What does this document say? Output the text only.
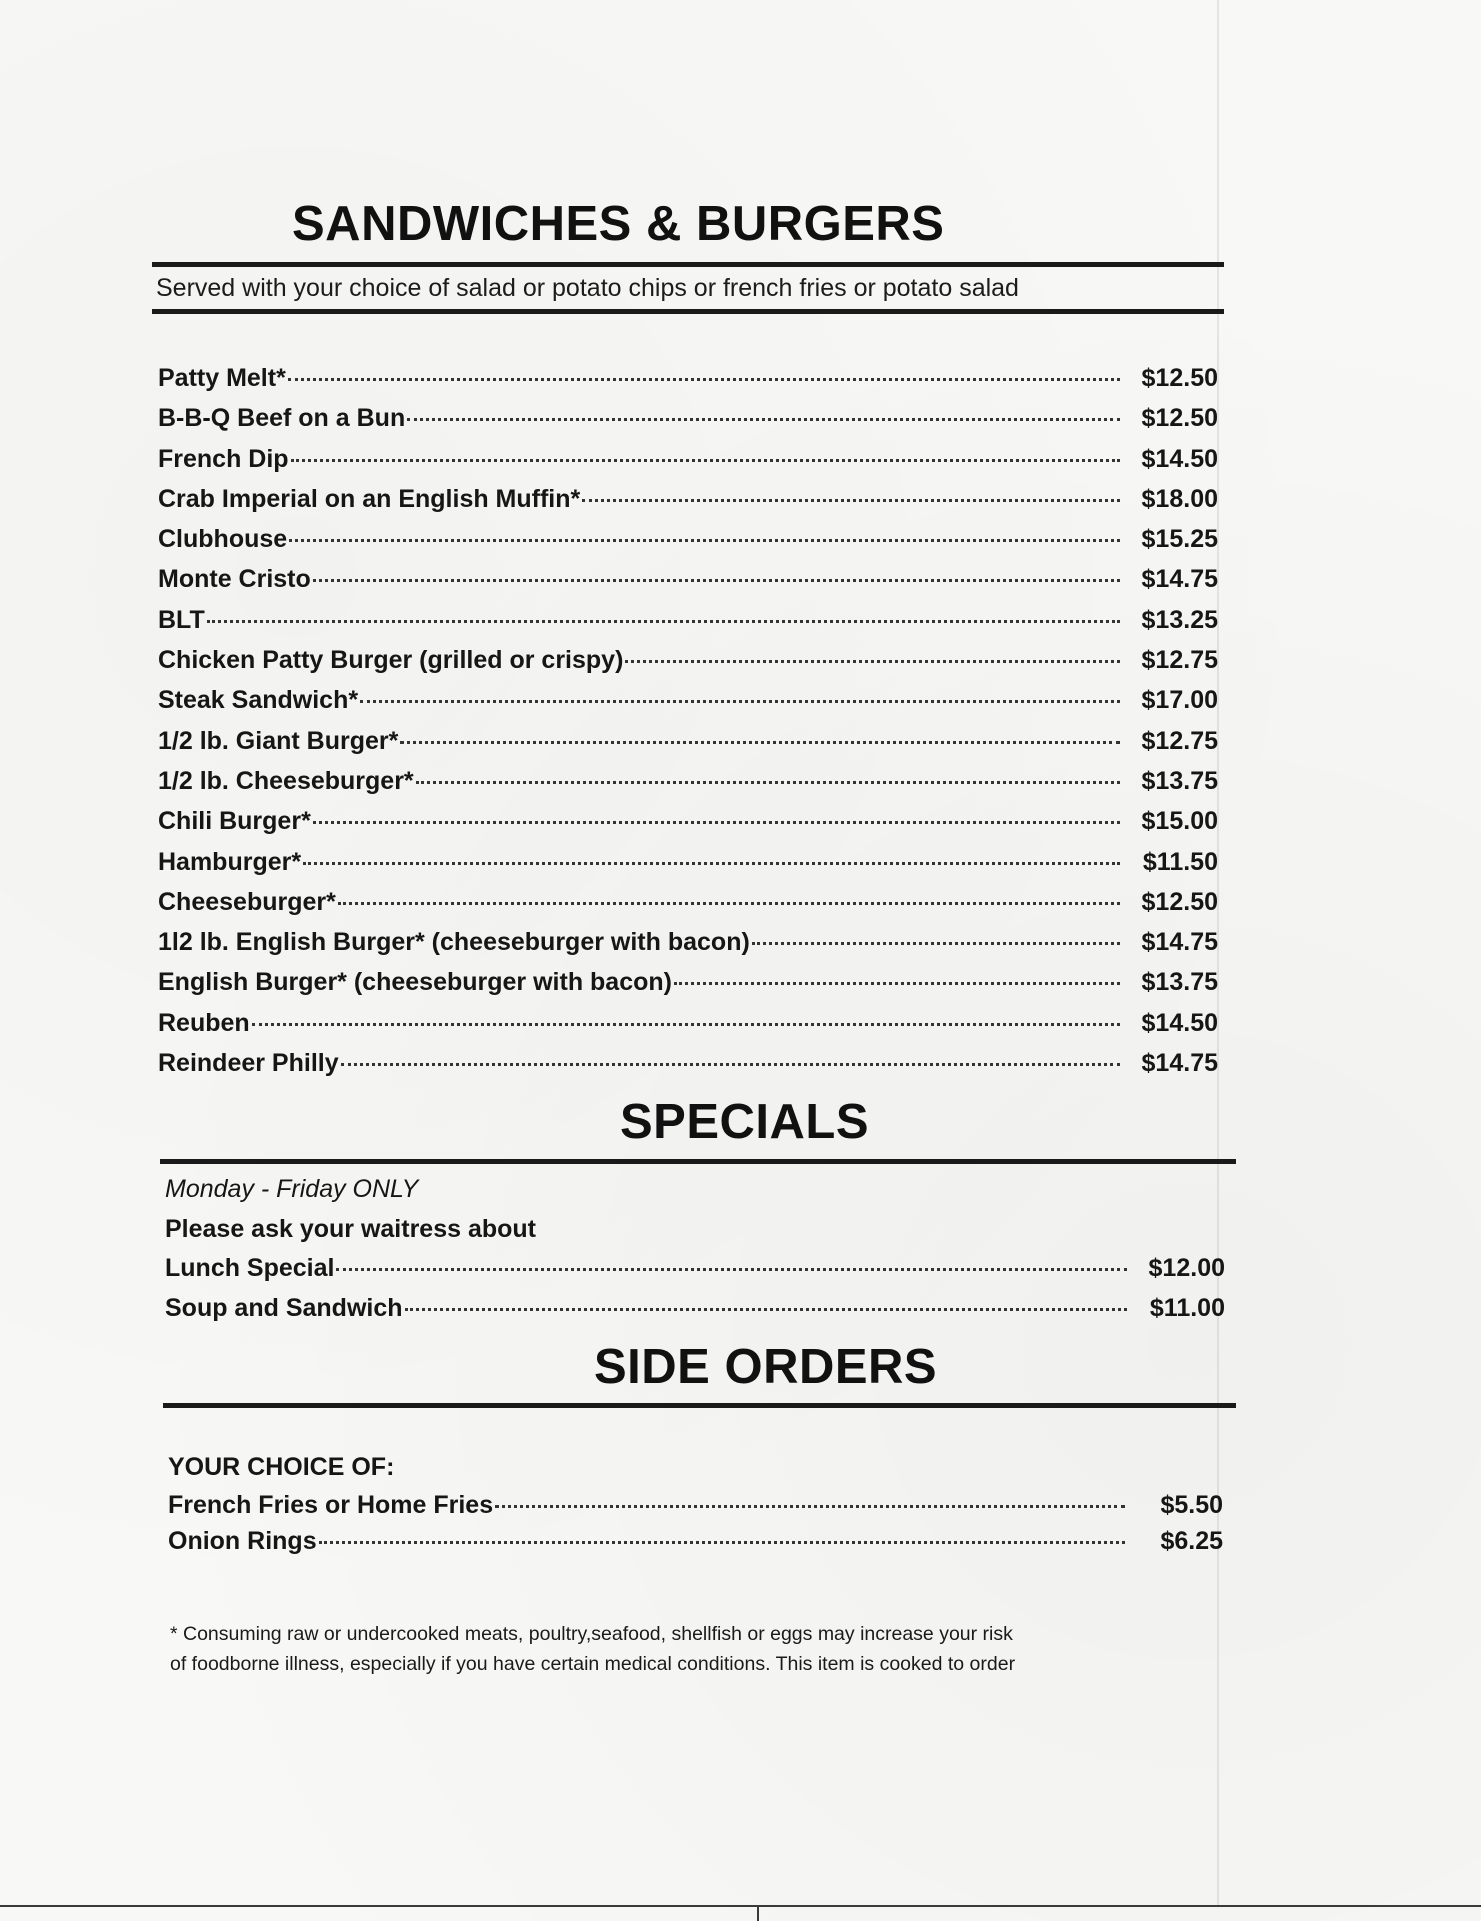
SANDWICHES & BURGERS

Served with your choice of salad or potato chips or french fries or potato salad

Patty Melt*	$12.50
B-B-Q Beef on a Bun	$12.50
French Dip	$14.50
Crab Imperial on an English Muffin*	$18.00
Clubhouse	$15.25
Monte Cristo	$14.75
BLT	$13.25
Chicken Patty Burger (grilled or crispy)	$12.75
Steak Sandwich*	$17.00
1/2 lb. Giant Burger*	$12.75
1/2 lb. Cheeseburger*	$13.75
Chili Burger*	$15.00
Hamburger*	$11.50
Cheeseburger*	$12.50
1l2 lb. English Burger* (cheeseburger with bacon)	$14.75
English Burger* (cheeseburger with bacon)	$13.75
Reuben	$14.50
Reindeer Philly	$14.75
SPECIALS

Monday - Friday ONLY

Please ask your waitress about

Lunch Special	$12.00
Soup and Sandwich	$11.00
SIDE ORDERS

YOUR CHOICE OF:

French Fries or Home Fries	$5.50
Onion Rings	$6.25

* Consuming raw or undercooked meats, poultry,seafood, shellfish or eggs may increase your risk

of foodborne illness, especially if you have certain medical conditions. This item is cooked to order
